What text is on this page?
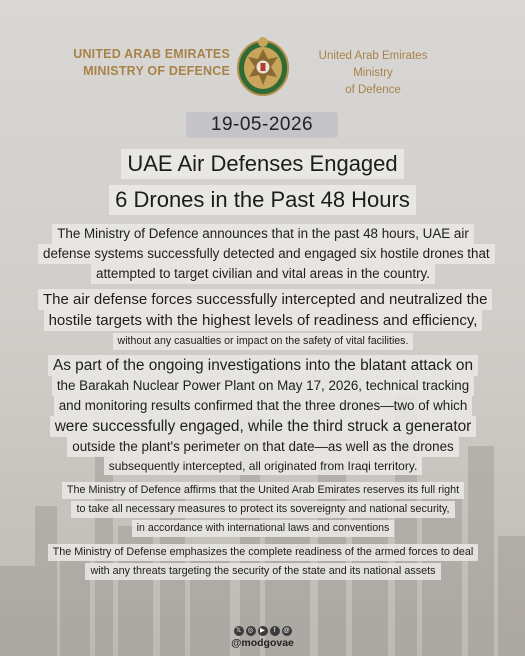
UNITED ARAB EMIRATES
MINISTRY OF DEFENCE
United Arab Emirates Ministry
of Defence
19-05-2026
UAE Air Defenses Engaged
6 Drones in the Past 48 Hours
The Ministry of Defence announces that in the past 48 hours, UAE air
defense systems successfully detected and engaged six hostile drones that
attempted to target civilian and vital areas in the country.
The air defense forces successfully intercepted and neutralized the
hostile targets with the highest levels of readiness and efficiency,
without any casualties or impact on the safety of vital facilities.
As part of the ongoing investigations into the blatant attack on
the Barakah Nuclear Power Plant on May 17, 2026, technical tracking
and monitoring results confirmed that the three drones—two of which
were successfully engaged, while the third struck a generator
outside the plant's perimeter on that date—as well as the drones
subsequently intercepted, all originated from Iraqi territory.
The Ministry of Defence affirms that the United Arab Emirates reserves its full right
to take all necessary measures to protect its sovereignty and national security,
in accordance with international laws and conventions
The Ministry of Defense emphasizes the complete readiness of the armed forces to deal
with any threats targeting the security of the state and its national assets
𝕏	◎	▶	f	@
@modgovae
